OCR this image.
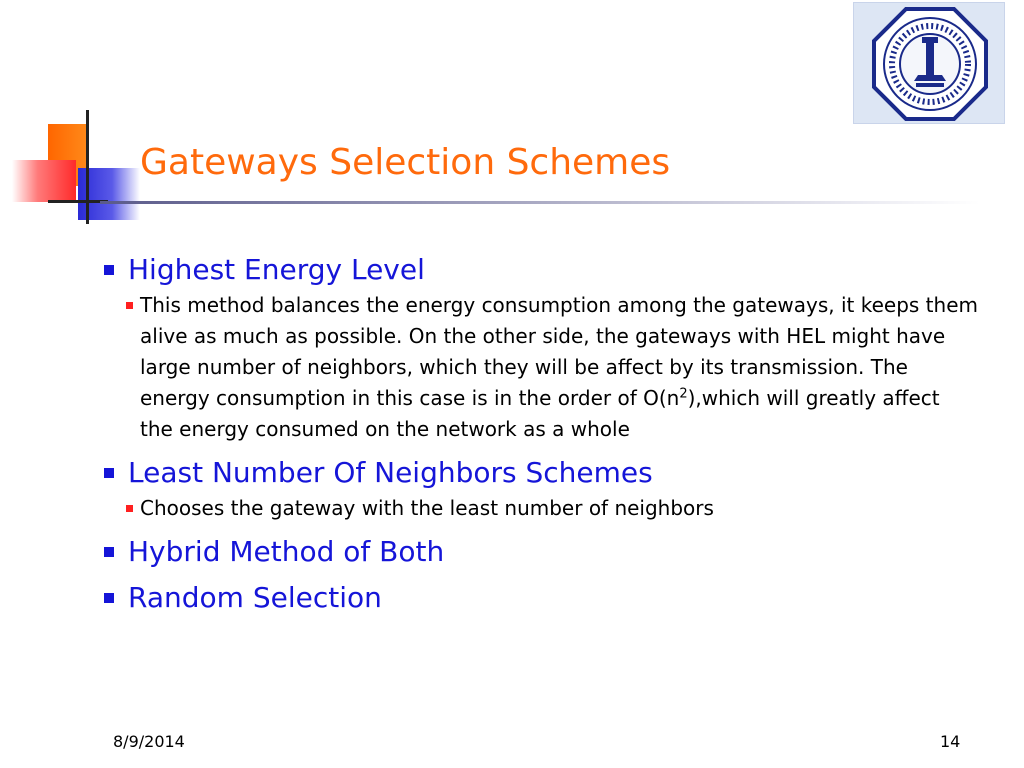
Gateways Selection Schemes
Highest Energy Level
This method balances the energy consumption among the gateways, it keeps them alive as much as possible. On the other side, the gateways with HEL might have large number of neighbors, which they will be affect by its transmission. The energy consumption in this case is in the order of $O(n^2),which$ will greatly affect the energy consumed on the network as a whole
Least Number Of Neighbors Schemes
Chooses the gateway with the least number of neighbors
Hybrid Method of Both
Random Selection
8/9/2014	14
